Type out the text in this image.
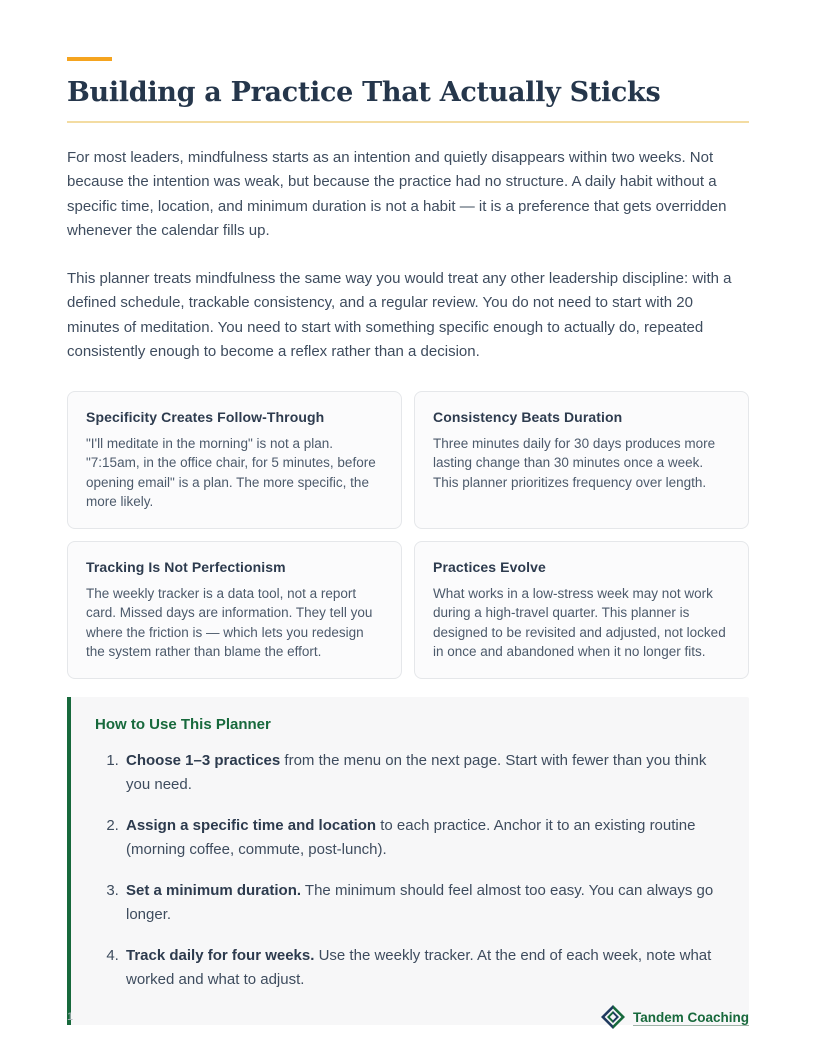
Building a Practice That Actually Sticks

For most leaders, mindfulness starts as an intention and quietly disappears within two weeks. Not because the intention was weak, but because the practice had no structure. A daily habit without a specific time, location, and minimum duration is not a habit — it is a preference that gets overridden whenever the calendar fills up.

This planner treats mindfulness the same way you would treat any other leadership discipline: with a defined schedule, trackable consistency, and a regular review. You do not need to start with 20 minutes of meditation. You need to start with something specific enough to actually do, repeated consistently enough to become a reflex rather than a decision.

Specificity Creates Follow-Through

"I'll meditate in the morning" is not a plan. "7:15am, in the office chair, for 5 minutes, before opening email" is a plan. The more specific, the more likely.

Consistency Beats Duration

Three minutes daily for 30 days produces more lasting change than 30 minutes once a week. This planner prioritizes frequency over length.

Tracking Is Not Perfectionism

The weekly tracker is a data tool, not a report card. Missed days are information. They tell you where the friction is — which lets you redesign the system rather than blame the effort.

Practices Evolve

What works in a low-stress week may not work during a high-travel quarter. This planner is designed to be revisited and adjusted, not locked in once and abandoned when it no longer fits.

How to Use This Planner
1. Choose 1–3 practices from the menu on the next page. Start with fewer than you think you need.
2. Assign a specific time and location to each practice. Anchor it to an existing routine (morning coffee, commute, post-lunch).
3. Set a minimum duration. The minimum should feel almost too easy. You can always go longer.
4. Track daily for four weeks. Use the weekly tracker. At the end of each week, note what worked and what to adjust.
1	Tandem Coaching
